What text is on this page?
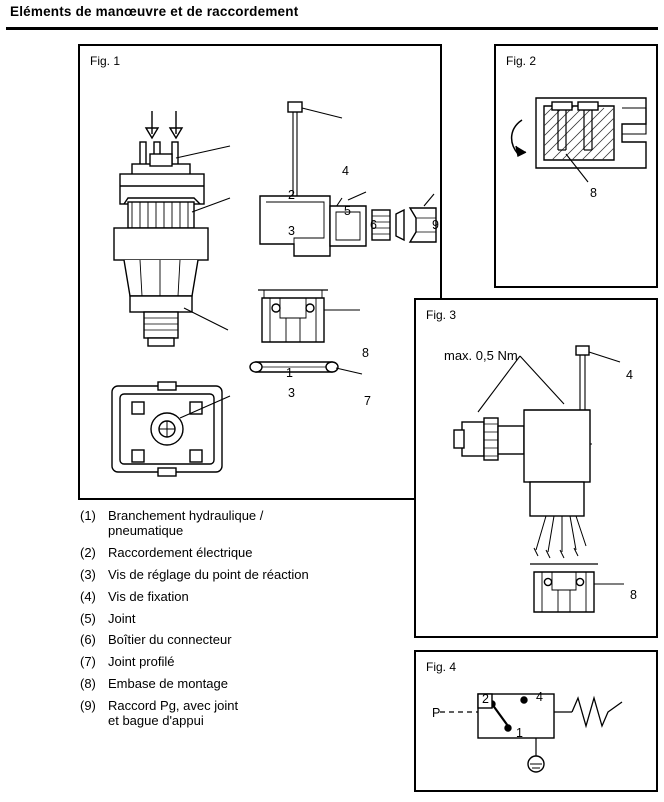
Eléments de manœuvre et de raccordement
Fig. 1
2
3
1
4
5
6	9
8
7
3
Fig. 2
8
Fig. 3
max. 0,5 Nm
4
8
Fig. 4
P
2	4
1
(1) Branchement hydraulique /
pneumatique
(2) Raccordement électrique
(3) Vis de réglage du point de réaction
(4) Vis de fixation
(5) Joint
(6) Boîtier du connecteur
(7) Joint profilé
(8) Embase de montage
(9) Raccord Pg, avec joint
et bague d'appui
